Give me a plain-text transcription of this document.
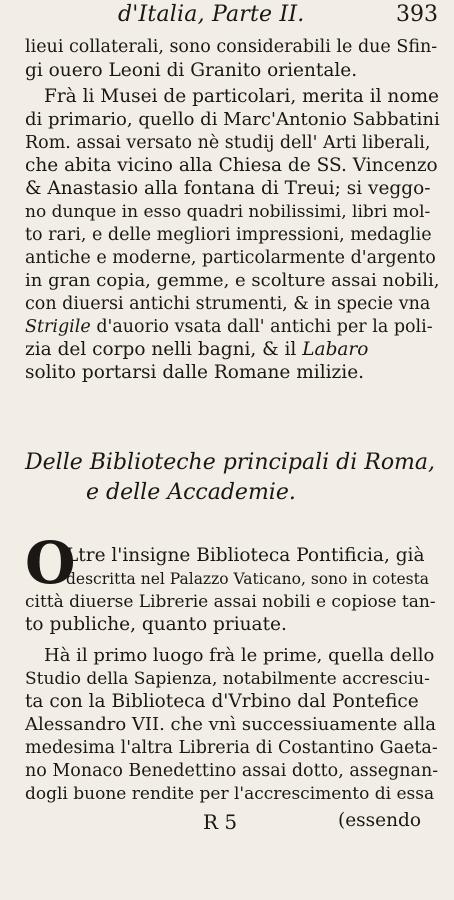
d'Italia, Parte II.	393
lieui collaterali, sono considerabili le due Sfin-
gi ouero Leoni di Granito orientale.
Frà li Musei de particolari, merita il nome
di primario, quello di Marc'Antonio Sabbatini
Rom. assai versato nè studij dell' Arti liberali,
che abita vicino alla Chiesa de SS. Vincenzo
& Anastasio alla fontana di Treui; si veggo-
no dunque in esso quadri nobilissimi, libri mol-
to rari, e delle megliori impressioni, medaglie
antiche e moderne, particolarmente d'argento
in gran copia, gemme, e scolture assai nobili,
con diuersi antichi strumenti, & in specie vna
Strigile d'auorio vsata dall' antichi per la poli-
zia del corpo nelli bagni, & il Labaro
solito portarsi dalle Romane milizie.
Delle Biblioteche principali di Roma,
e delle Accademie.
O
Ltre l'insigne Biblioteca Pontificia, già
descritta nel Palazzo Vaticano, sono in cotesta
città diuerse Librerie assai nobili e copiose tan-
to publiche, quanto priuate.
Hà il primo luogo frà le prime, quella dello
Studio della Sapienza, notabilmente accresciu-
ta con la Biblioteca d'Vrbino dal Pontefice
Alessandro VII. che vnì successiuamente alla
medesima l'altra Libreria di Costantino Gaeta-
no Monaco Benedettino assai dotto, assegnan-
dogli buone rendite per l'accrescimento di essa
R 5	(essendo
